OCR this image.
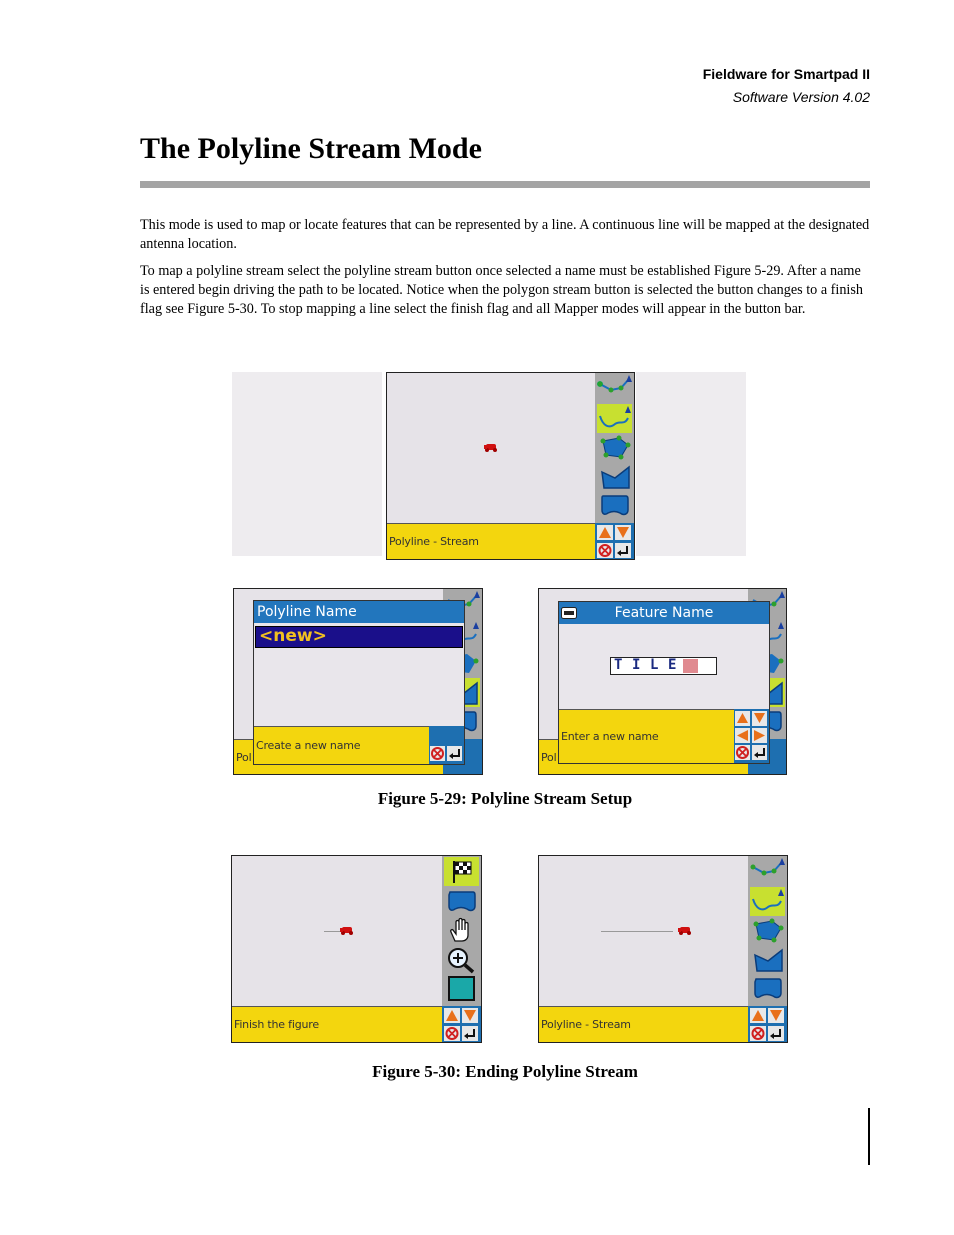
Fieldware for Smartpad II
Software Version 4.02
The Polyline Stream Mode

This mode is used to map or locate features that can be represented by a line. A continuous line will be mapped at the designated antenna location.

To map a polyline stream select the polyline stream button once selected a name must be established Figure 5-29. After a name is entered begin driving the path to be located. Notice when the polygon stream button is selected the button changes to a finish flag see Figure 5-30. To stop mapping a line select the finish flag and all Mapper modes will appear in the button bar.

Polyline - Stream
Pol
Polyline Name
<new>
Create a new name
Pol
Feature Name
T I L E
Enter a new name
Figure 5-29: Polyline Stream Setup
Finish the figure	Polyline - Stream
Figure 5-30: Ending Polyline Stream
